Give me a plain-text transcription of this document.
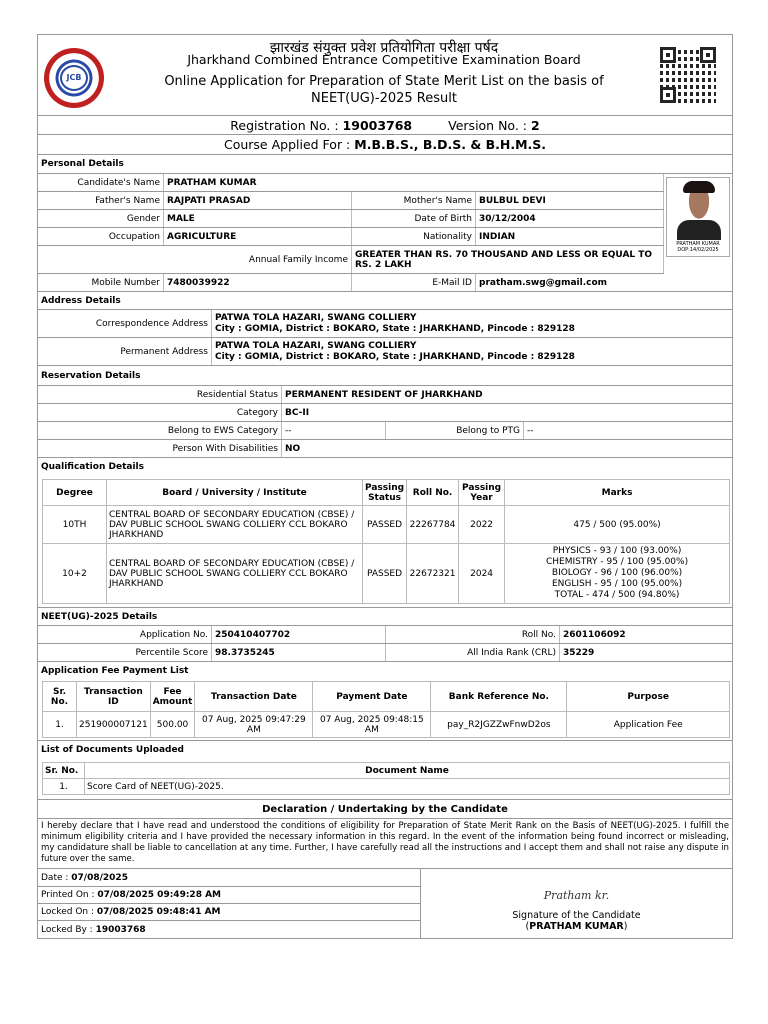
JCB
झारखंड संयुक्त प्रवेश प्रतियोगिता परीक्षा पर्षद
Jharkhand Combined Entrance Competitive Examination Board
Online Application for Preparation of State Merit List on the basis of
NEET(UG)-2025 Result
Registration No. :
19003768	Version No. :
2
Course Applied For :
M.B.B.S., B.D.S. & B.H.M.S.
Personal Details
Candidate's Name PRATHAM KUMAR
Father's Name RAJPATI PRASAD	Mother's Name BULBUL DEVI
Gender MALE	Date of Birth 30/12/2004
Occupation AGRICULTURE	Nationality INDIAN
Annual Family Income GREATER THAN RS. 70 THOUSAND AND LESS OR EQUAL TO RS. 2 LAKH
Mobile Number 7480039922	E-Mail ID pratham.swg@gmail.com
PRATHAM KUMAR
DOP:14/02/2025
Address Details
Correspondence Address
PATWA TOLA HAZARI, SWANG COLLIERY
City : GOMIA, District : BOKARO, State : JHARKHAND, Pincode : 829128
Permanent Address
PATWA TOLA HAZARI, SWANG COLLIERY
City : GOMIA, District : BOKARO, State : JHARKHAND, Pincode : 829128
Reservation Details
Residential Status PERMANENT RESIDENT OF JHARKHAND
Category BC-II
Belong to EWS Category --	Belong to PTG --
Person With Disabilities NO
Qualification Details
Degree	Board / University / Institute	Passing Status	Roll No.	Passing Year	Marks
10TH	CENTRAL BOARD OF SECONDARY EDUCATION (CBSE) / DAV PUBLIC SCHOOL SWANG COLLIERY CCL BOKARO JHARKHAND	PASSED	22267784	2022	475 / 500 (95.00%)
10+2	CENTRAL BOARD OF SECONDARY EDUCATION (CBSE) / DAV PUBLIC SCHOOL SWANG COLLIERY CCL BOKARO JHARKHAND	PASSED	22672321	2024	PHYSICS - 93 / 100 (93.00%)
CHEMISTRY - 95 / 100 (95.00%)
BIOLOGY - 96 / 100 (96.00%)
ENGLISH - 95 / 100 (95.00%)
TOTAL - 474 / 500 (94.80%)
NEET(UG)-2025 Details
Application No. 250410407702	Roll No. 2601106092
Percentile Score 98.3735245	All India Rank (CRL) 35229
Application Fee Payment List
Sr. No.	Transaction ID	Fee Amount	Transaction Date	Payment Date	Bank Reference No.	Purpose
1.	251900007121	500.00	07 Aug, 2025 09:47:29 AM	07 Aug, 2025 09:48:15 AM	pay_R2JGZZwFnwD2os	Application Fee
List of Documents Uploaded
Sr. No.	Document Name
1.	Score Card of NEET(UG)-2025.
Declaration / Undertaking by the Candidate
I hereby declare that I have read and understood the conditions of eligibility for Preparation of State Merit Rank on the Basis of NEET(UG)-2025. I fulfill the minimum eligibility criteria and I have provided the necessary information in this regard. In the event of the information being found incorrect or misleading, my candidature shall be liable to cancellation at any time. Further, I have carefully read all the instructions and I accept them and shall not raise any dispute in future over the same.
Date :
07/08/2025
Printed On :
07/08/2025 09:49:28 AM
Locked On :
07/08/2025 09:48:41 AM
Locked By :
19003768
Pratham kr.
Signature of the Candidate
(PRATHAM KUMAR)
